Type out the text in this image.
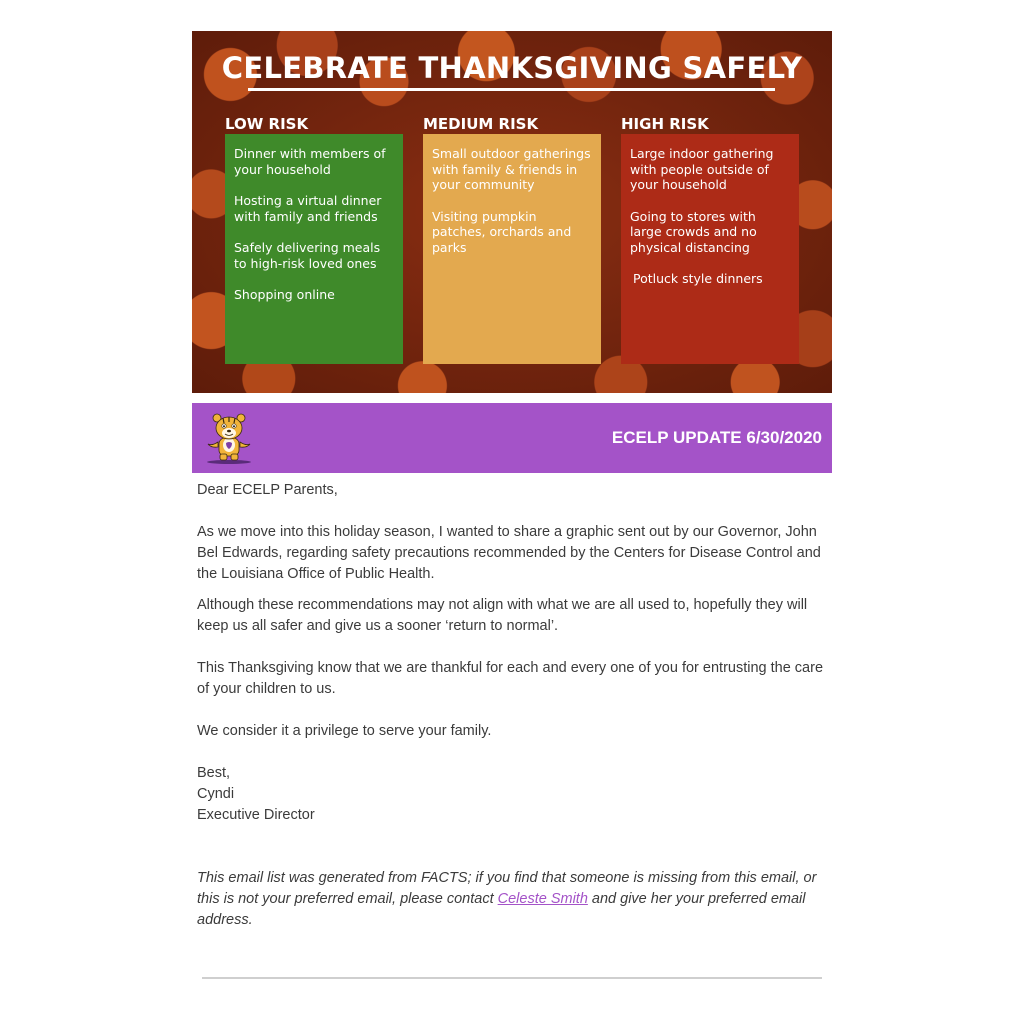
CELEBRATE THANKSGIVING SAFELY
LOW RISK

Dinner with members of your household

Hosting a virtual dinner with family and friends

Safely delivering meals to high-risk loved ones

Shopping online

MEDIUM RISK

Small outdoor gatherings with family & friends in your community

Visiting pumpkin patches, orchards and parks

HIGH RISK

Large indoor gathering with people outside of your household

Going to stores with large crowds and no physical distancing

Potluck style dinners

ECELP UPDATE 6/30/2020

Dear ECELP Parents,

As we move into this holiday season, I wanted to share a graphic sent out by our Governor, John Bel Edwards, regarding safety precautions recommended by the Centers for Disease Control and the Louisiana Office of Public Health.

Although these recommendations may not align with what we are all used to, hopefully they will keep us all safer and give us a sooner ‘return to normal’.

This Thanksgiving know that we are thankful for each and every one of you for entrusting the care of your children to us.

We consider it a privilege to serve your family.

Best,

Cyndi

Executive Director

This email list was generated from FACTS; if you find that someone is missing from this email, or this is not your preferred email, please contact Celeste Smith and give her your preferred email address.
